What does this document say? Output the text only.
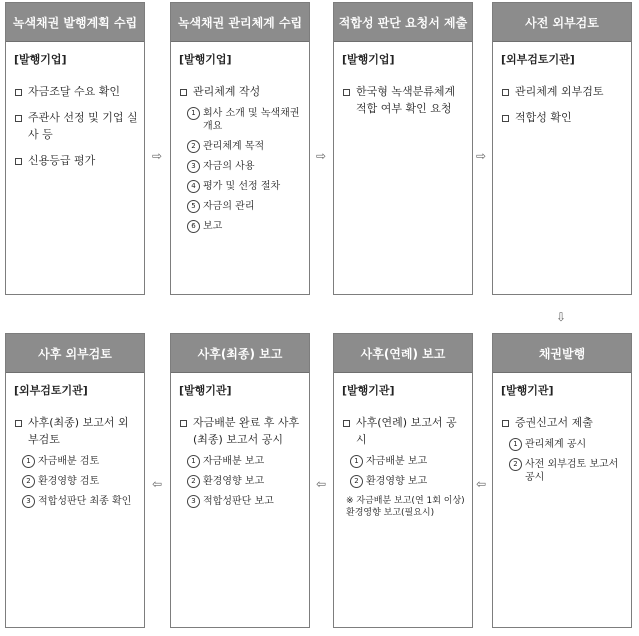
녹색채권 발행계획 수립
[발행기업]
자금조달 수요 확인
주관사 선정 및 기업 실사 등
신용등급 평가
녹색채권 관리체계 수립
[발행기업]
관리체계 작성
1 회사 소개 및 녹색채권 개요
2 관리체계 목적
3 자금의 사용
4 평가 및 선정 절차
5 자금의 관리
6 보고
적합성 판단 요청서 제출
[발행기업]
한국형 녹색분류체계 적합 여부 확인 요청
사전 외부검토
[외부검토기관]
관리체계 외부검토
적합성 확인
사후 외부검토
[외부검토기관]
사후(최종) 보고서 외부검토
1 자금배분 검토
2 환경영향 검토
3 적합성판단 최종 확인
사후(최종) 보고
[발행기관]
자금배분 완료 후 사후(최종) 보고서 공시
1 자금배분 보고
2 환경영향 보고
3 적합성판단 보고
사후(연례) 보고
[발행기관]
사후(연례) 보고서 공시
1 자금배분 보고
2 환경영향 보고
※ 자금배분 보고(연 1회 이상) 환경영향 보고(필요시)
채권발행
[발행기관]
증권신고서 제출
1 관리체계 공시
2 사전 외부검토 보고서 공시
⇨	⇨	⇨
⇩
⇦	⇦	⇦
